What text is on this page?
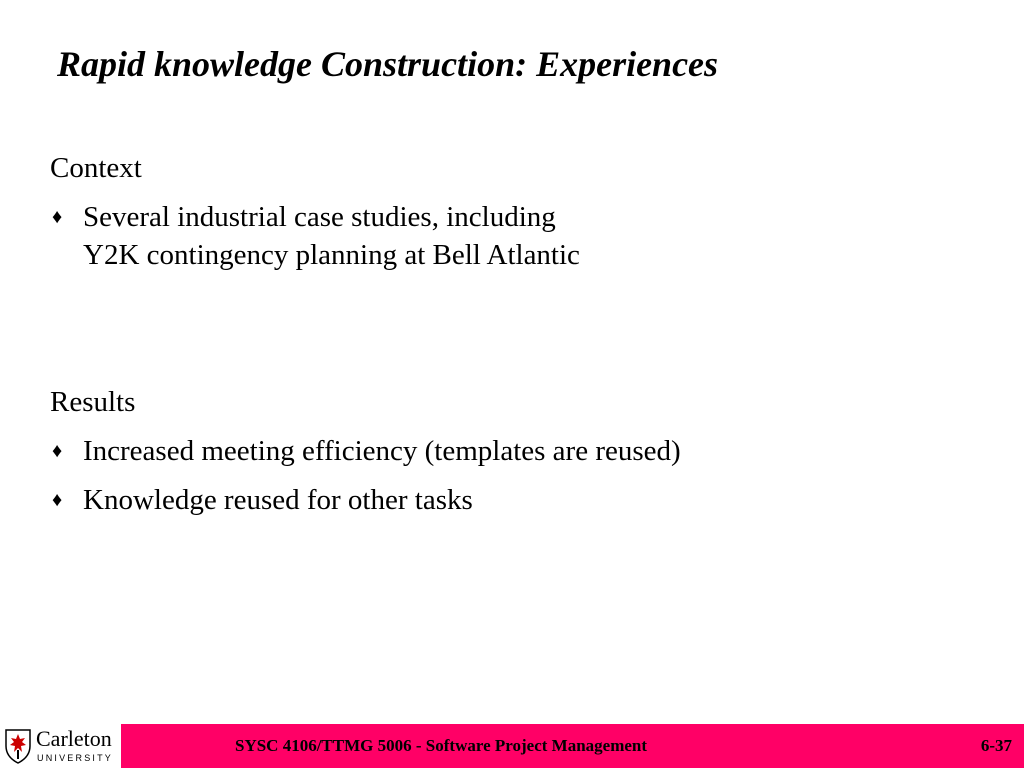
Rapid knowledge Construction: Experiences
Context
♦ Several industrial case studies, including
Y2K contingency planning at Bell Atlantic
Results
♦ Increased meeting efficiency (templates are reused)
♦ Knowledge reused for other tasks
Carleton
UNIVERSITY
SYSC 4106/TTMG 5006 - Software Project Management	6-37
